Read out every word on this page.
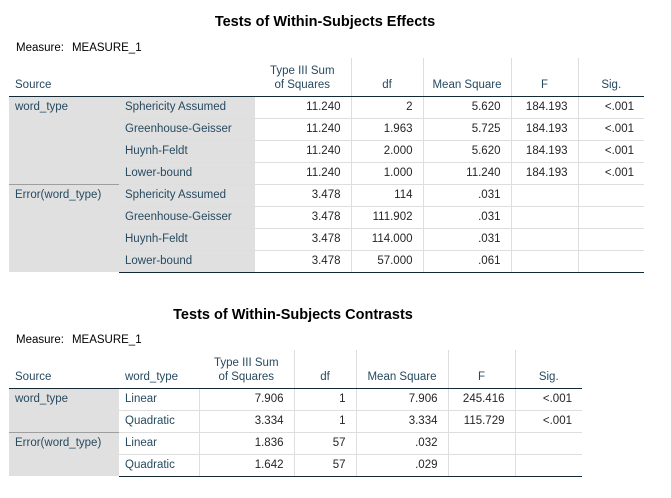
Tests of Within-Subjects Effects
Measure: MEASURE_1
Source		Type III Sum
of Squares	df	Mean Square	F	Sig.
word_type	Sphericity Assumed	11.240	2	5.620	184.193	<.001
	Greenhouse-Geisser	11.240	1.963	5.725	184.193	<.001
	Huynh-Feldt	11.240	2.000	5.620	184.193	<.001
	Lower-bound	11.240	1.000	11.240	184.193	<.001
Error(word_type)	Sphericity Assumed	3.478	114	.031		
	Greenhouse-Geisser	3.478	111.902	.031		
	Huynh-Feldt	3.478	114.000	.031		
	Lower-bound	3.478	57.000	.061		
Tests of Within-Subjects Contrasts
Measure: MEASURE_1
Source	word_type	Type III Sum
of Squares	df	Mean Square	F	Sig.
word_type	Linear	7.906	1	7.906	245.416	<.001
	Quadratic	3.334	1	3.334	115.729	<.001
Error(word_type)	Linear	1.836	57	.032		
	Quadratic	1.642	57	.029		
